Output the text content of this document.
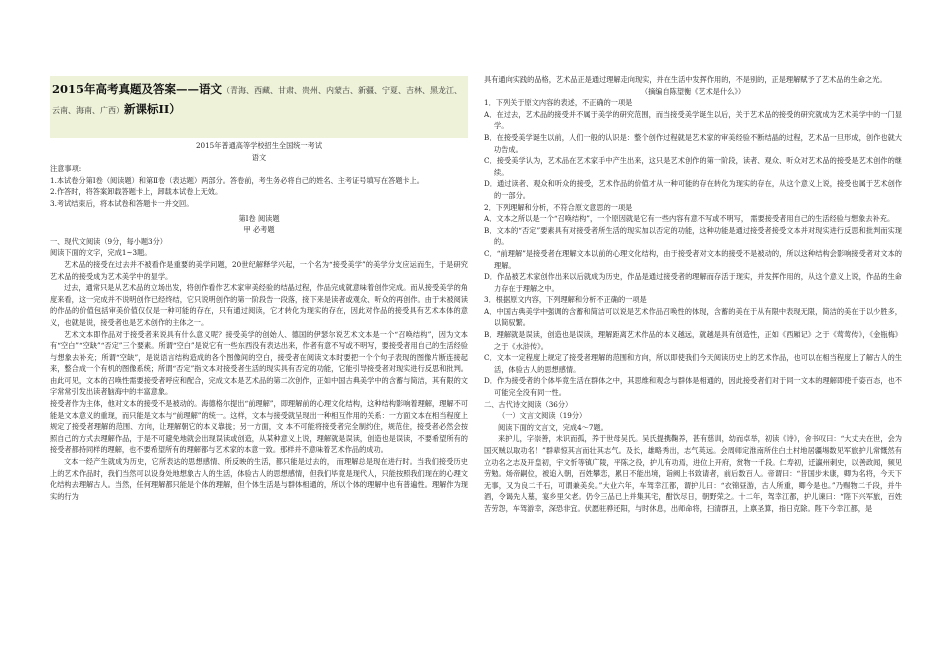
2015年高考真题及答案——语文（青海、西藏、甘肃、贵州、内蒙古、新疆、宁夏、吉林、黑龙江、云南、海南、广西）新课标II）

2015年普通高等学校招生全国统一考试

语文

注意事项:

1.本试卷分第Ⅰ卷（阅读题）和第Ⅱ卷（表达题）两部分。答卷前，考生务必将自己的姓名、主考证号填写在答题卡上。

2.作答时，将答案卸载答题卡上，卸载本试卷上无效。

3.考试结束后，将本试卷和答题卡一并交回。

第Ⅰ卷 阅读题

甲 必考题

一、现代文阅读（9分，每小题3分）

阅读下面的文字，完成1~3题。

艺术品的接受在过去并不被看作是重要的美学问题，20世纪解释学兴起，一个名为“接受美学”的美学分支应运而生，于是研究艺术品的接受成为艺术美学中的显学。

过去，通常只是从艺术品的立场出发，将创作看作艺术家审美经验的结晶过程，作品完成就意味着创作完成。而从接受美学的角度来看，这一完成并不说明创作已经终结，它只说明创作的第一阶段告一段落，接下来是读者或观众、听众的再创作。由于未被阅读的作品的价值包括审美价值仅仅是一种可能的存在，只有通过阅读，它才转化为现实的存在，因此对作品的接受具有艺术本体的意义，也就是说，接受者也是艺术创作的主体之一。

艺术文本即作品对于接受者来说具有什么意义呢？接受美学的创始人、德国的伊瑟尔说艺术文本是一个“召唤结构”，因为文本有“空白”“空缺”“否定”三个要素。所谓“空白”是说它有一些东西没有表达出来，作者有意不写或不明写，要接受者用自己的生活经验与想象去补充；所谓“空缺”，是说语言结构造成的各个图像间的空白，接受者在阅读文本时要把一个个句子表现的图像片断连接起来，整合成一个有机的图像系统；所谓“否定”指文本对接受者生活的现实具有否定的功能，它能引导接受者对现实进行反思和批判。由此可见，文本的召唤性需要接受者呼应和配合，完成文本是艺术品的第二次创作，正如中国古典美学中的含蓄与简洁，其有限的文字常常引发出读者脑海中的丰富意象。

接受者作为主体，他对文本的接受不是被动的。海德格尔提出“前理解”，即理解前的心理文化结构，这种结构影响着理解，理解不可能是文本意义的重现，而只能是文本与“前理解”的统一。这样，文本与接受就呈现出一种相互作用的关系：一方面文本在相当程度上规定了接受者理解的范围、方向，让理解朝它的本义靠拢；另一方面，文 本不可能将接受者完全制约住，规范住，接受者必然会按照自己的方式去理解作品，于是不可避免地就会出现误读或创造，从某种意义上说，理解就是误读，创造也是误读，不要希望所有的接受者都持同样的理解，也不要希望所有的理解都与艺术家的本意一致。那样并不意味着艺术作品的成功。

文本一经产生就成为历史，它所表达的思想感情、所反映的生活，都只能是过去的， 而理解总是现在进行时。当我们接受历史上的艺术作品时，我们当然可以设身处地想象古人的生活，体验古人的思想感情，但我们毕竟是现代人，只能按照我们现在的心理文化结构去理解古人。当然，任何理解都只能是个体的理解，但个体生活是与群体相通的，所以个体的理解中也有普遍性。理解作为现实的行为

具有通向实践的品格，艺术品正是通过理解走向现实，并在生活中发挥作用的，不是别的，正是理解赋予了艺术品的生命之光。

（摘编自陈望衡《艺术是什么》）

1．下列关于原文内容的表述，不正确的一项是

A．在过去，艺术品的接受并不属于美学的研究范围，而当接受美学诞生以后，关于艺术品的接受的研究就成为艺术美学中的一门显学。

B．在接受美学诞生以前，人们一般的认识是：整个创作过程就是艺术家的审美经验不断结晶的过程，艺术品一旦形成，创作也就大功告成。

C．接受美学认为，艺术品在艺术家手中产生出来，这只是艺术创作的第一阶段，读者、观众、听众对艺术品的接受是艺术创作的继续。

D．通过读者、观众和听众的接受，艺术作品的价值才从一种可能的存在转化为现实的存在，从这个意义上说，接受也属于艺术创作的一部分。

2．下列理解和分析，不符合原文意思的一项是

A．文本之所以是一个“召唤结构”，一个原因就是它有一些内容有意不写或不明写， 需要接受者用自己的生活经验与想象去补充。

B．文本的“否定”要素具有对接受者所生活的现实加以否定的功能，这种功能是通过接受者接受文本并对现实进行反思和批判而实现的。

C．“前理解”是接受者在理解文本以前的心理文化结构，由于接受者对文本的接受不是被动的，所以这种结构会影响接受者对文本的理解。

D．作品被艺术家创作出来以后就成为历史，作品是通过接受者的理解而存活于现实，并发挥作用的，从这个意义上说，作品的生命力存在于理解之中。

3．根据原文内容，下列理解和分析不正确的一项是

A．中国古典美学中强调的含蓄和简洁可以说是艺术作品召唤性的体现，含蓄的美在于从有限中表现无限，简洁的美在于以少胜多，以简驭繁。

B．理解就是误读，创造也是误读，理解距离艺术作品的本义越远，就越是具有创造性，正如《西厢记》之于《莺莺传》，《金瓶梅》之于《水浒传》。

C．文本一定程度上规定了接受者理解的范围和方向，所以即使我们今天阅读历史上的艺术作品，也可以在相当程度上了解古人的生活，体验古人的思想感情。

D．作为接受者的个体毕竟生活在群体之中，其思维和观念与群体是相通的，因此接受者们对于同一文本的理解即使千姿百态，也不可能完全没有同一性。

二、古代诗文阅读（36分）

（一）文言文阅读（19分）

阅读下面的文言文，完成4～7题。

来护儿，字崇善，未识而孤，养于世母吴氏。吴氏提携鞠养，甚有慈训，幼而卓举，初读《诗》，舍书叹曰：“大丈夫在世，会为国灭贼以取功名！”群辈惊其言而壮其志气。及长，雄略秀出，志气英远。会周师定淮南所住白土村地居疆埸数见军旅护儿常慨然有立功名之志及开皇初，宇文忻等镇广陵，平陈之役，护儿有功焉，进位上开府，赏物一千段。仁寿初，迁瀛州刺史，以善政闻，频见劳勉。炀帝嗣位，被追入朝，百姓攀恋，累日不能出境，诣阙上书致请者，前后数百人。帝谓曰：“昔国步未康，卿为名将，今天下无事，又为良二千石，可谓兼美矣。”大业六年，车驾幸江都，谓护儿曰：“衣锦昼游，古人所重，卿今是也。”乃赐物二千段，并牛酒，令谒先人墓，宴乡里父老。仍令三品已上并集其宅，酣饮尽日，朝野荣之。十二年，驾幸江都，护儿谏曰：“陛下兴军旅，百姓苦劳怨，车驾游幸，深恐非宜。伏愿驻骅还阳，与时休息，出师命将，扫清群丑，上禀圣算，指日克除。陛下今幸江都，是
